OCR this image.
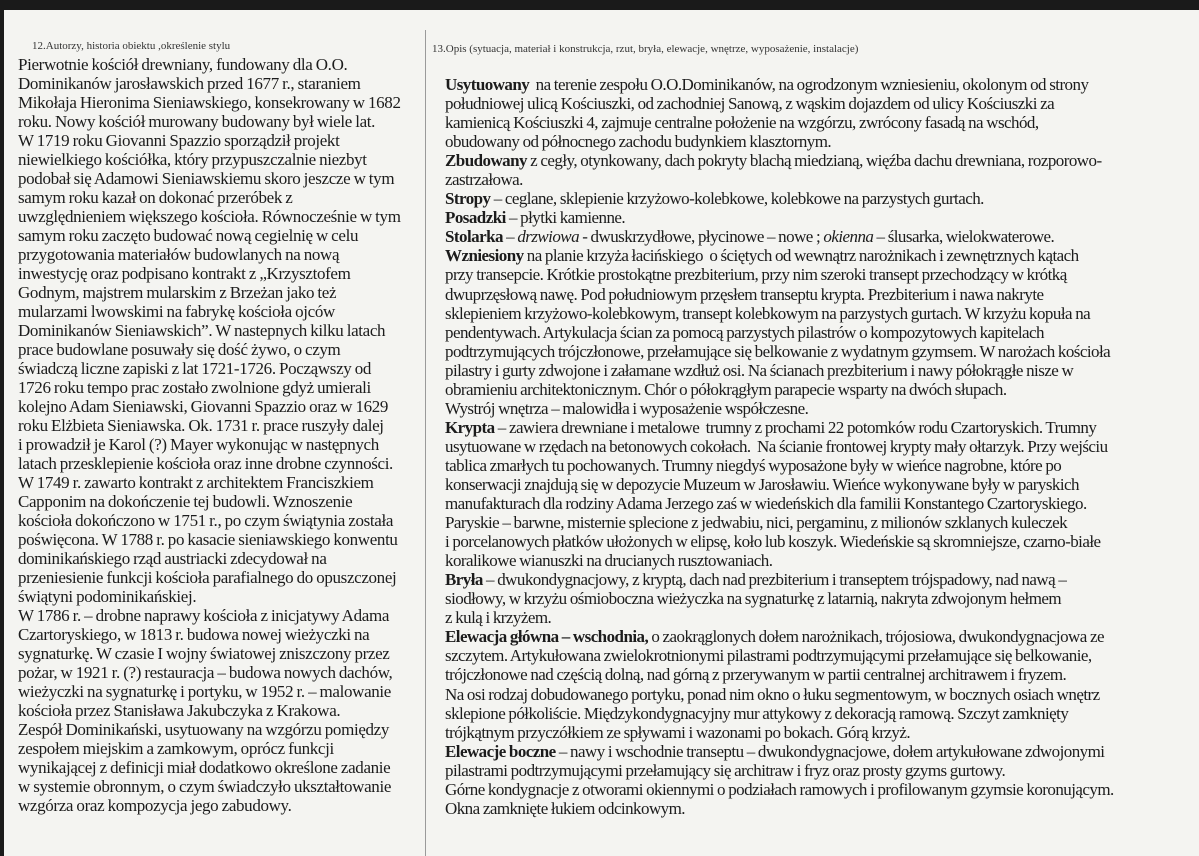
12.Autorzy, historia obiektu ,określenie stylu	13.Opis (sytuacja, materiał i konstrukcja, rzut, bryła, elewacje, wnętrze, wyposażenie, instalacje)
Pierwotnie kościół drewniany, fundowany dla O.O.
Dominikanów jarosławskich przed 1677 r., staraniem
Mikołaja Hieronima Sieniawskiego, konsekrowany w 1682
roku. Nowy kościół murowany budowany był wiele lat.
W 1719 roku Giovanni Spazzio sporządził projekt
niewielkiego kościółka, który przypuszczalnie niezbyt
podobał się Adamowi Sieniawskiemu skoro jeszcze w tym
samym roku kazał on dokonać przeróbek z
uwzględnieniem większego kościoła. Równocześnie w tym
samym roku zaczęto budować nową cegielnię w celu
przygotowania materiałów budowlanych na nową
inwestycję oraz podpisano kontrakt z „Krzysztofem
Godnym, majstrem mularskim z Brzeżan jako też
mularzami lwowskimi na fabrykę kościoła ojców
Dominikanów Sieniawskich”. W nastepnych kilku latach
prace budowlane posuwały się dość żywo, o czym
świadczą liczne zapiski z lat 1721-1726. Począwszy od
1726 roku tempo prac zostało zwolnione gdyż umierali
kolejno Adam Sieniawski, Giovanni Spazzio oraz w 1629
roku Elżbieta Sieniawska. Ok. 1731 r. prace ruszyły dalej
i prowadził je Karol (?) Mayer wykonując w następnych
latach przesklepienie kościoła oraz inne drobne czynności.
W 1749 r. zawarto kontrakt z architektem Franciszkiem
Capponim na dokończenie tej budowli. Wznoszenie
kościoła dokończono w 1751 r., po czym świątynia została
poświęcona. W 1788 r. po kasacie sieniawskiego konwentu
dominikańskiego rząd austriacki zdecydował na
przeniesienie funkcji kościoła parafialnego do opuszczonej
świątyni podominikańskiej.
W 1786 r. – drobne naprawy kościoła z inicjatywy Adama
Czartoryskiego, w 1813 r. budowa nowej wieżyczki na
sygnaturkę. W czasie I wojny światowej zniszczony przez
pożar, w 1921 r. (?) restauracja – budowa nowych dachów,
wieżyczki na sygnaturkę i portyku, w 1952 r. – malowanie
kościoła przez Stanisława Jakubczyka z Krakowa.
Zespół Dominikański, usytuowany na wzgórzu pomiędzy
zespołem miejskim a zamkowym, oprócz funkcji
wynikającej z definicji miał dodatkowo określone zadanie
w systemie obronnym, o czym świadczyło ukształtowanie
wzgórza oraz kompozycja jego zabudowy.
Usytuowany  na terenie zespołu O.O.Dominikanów, na ogrodzonym wzniesieniu, okolonym od strony
południowej ulicą Kościuszki, od zachodniej Sanową, z wąskim dojazdem od ulicy Kościuszki za
kamienicą Kościuszki 4, zajmuje centralne położenie na wzgórzu, zwrócony fasadą na wschód,
obudowany od północnego zachodu budynkiem klasztornym.
Zbudowany z cegły, otynkowany, dach pokryty blachą miedzianą, więźba dachu drewniana, rozporowo-
zastrzałowa.
Stropy – ceglane, sklepienie krzyżowo-kolebkowe, kolebkowe na parzystych gurtach.
Posadzki – płytki kamienne.
Stolarka – drzwiowa - dwuskrzydłowe, płycinowe – nowe ; okienna – ślusarka, wielokwaterowe.
Wzniesiony na planie krzyża łacińskiego  o ściętych od wewnątrz narożnikach i zewnętrznych kątach
przy transepcie. Krótkie prostokątne prezbiterium, przy nim szeroki transept przechodzący w krótką
dwuprzęsłową nawę. Pod południowym przęsłem transeptu krypta. Prezbiterium i nawa nakryte
sklepieniem krzyżowo-kolebkowym, transept kolebkowym na parzystych gurtach. W krzyżu kopuła na
pendentywach. Artykulacja ścian za pomocą parzystych pilastrów o kompozytowych kapitelach
podtrzymujących trójczłonowe, przełamujące się belkowanie z wydatnym gzymsem. W narożach kościoła
pilastry i gurty zdwojone i załamane wzdłuż osi. Na ścianach prezbiterium i nawy półokrągłe nisze w
obramieniu architektonicznym. Chór o półokrągłym parapecie wsparty na dwóch słupach.
Wystrój wnętrza – malowidła i wyposażenie współczesne.
Krypta – zawiera drewniane i metalowe  trumny z prochami 22 potomków rodu Czartoryskich. Trumny
usytuowane w rzędach na betonowych cokołach.  Na ścianie frontowej krypty mały ołtarzyk. Przy wejściu
tablica zmarłych tu pochowanych. Trumny niegdyś wyposażone były w wieńce nagrobne, które po
konserwacji znajdują się w depozycie Muzeum w Jarosławiu. Wieńce wykonywane były w paryskich
manufakturach dla rodziny Adama Jerzego zaś w wiedeńskich dla familii Konstantego Czartoryskiego.
Paryskie – barwne, misternie splecione z jedwabiu, nici, pergaminu, z milionów szklanych kuleczek
i porcelanowych płatków ułożonych w elipsę, koło lub koszyk. Wiedeńskie są skromniejsze, czarno-białe
koralikowe wianuszki na drucianych rusztowaniach.
Bryła – dwukondygnacjowy, z kryptą, dach nad prezbiterium i transeptem trójspadowy, nad nawą –
siodłowy, w krzyżu ośmioboczna wieżyczka na sygnaturkę z latarnią, nakryta zdwojonym hełmem
z kulą i krzyżem.
Elewacja główna – wschodnia, o zaokrąglonych dołem narożnikach, trójosiowa, dwukondygnacjowa ze
szczytem. Artykułowana zwielokrotnionymi pilastrami podtrzymującymi przełamujące się belkowanie,
trójczłonowe nad częścią dolną, nad górną z przerywanym w partii centralnej architrawem i fryzem.
Na osi rodzaj dobudowanego portyku, ponad nim okno o łuku segmentowym, w bocznych osiach wnętrz
sklepione półkoliście. Międzykondygnacyjny mur attykowy z dekoracją ramową. Szczyt zamknięty
trójkątnym przyczółkiem ze spływami i wazonami po bokach. Górą krzyż.
Elewacje boczne – nawy i wschodnie transeptu – dwukondygnacjowe, dołem artykułowane zdwojonymi
pilastrami podtrzymującymi przełamujący się architraw i fryz oraz prosty gzyms gurtowy.
Górne kondygnacje z otworami okiennymi o podziałach ramowych i profilowanym gzymsie koronującym.
Okna zamknięte łukiem odcinkowym.
